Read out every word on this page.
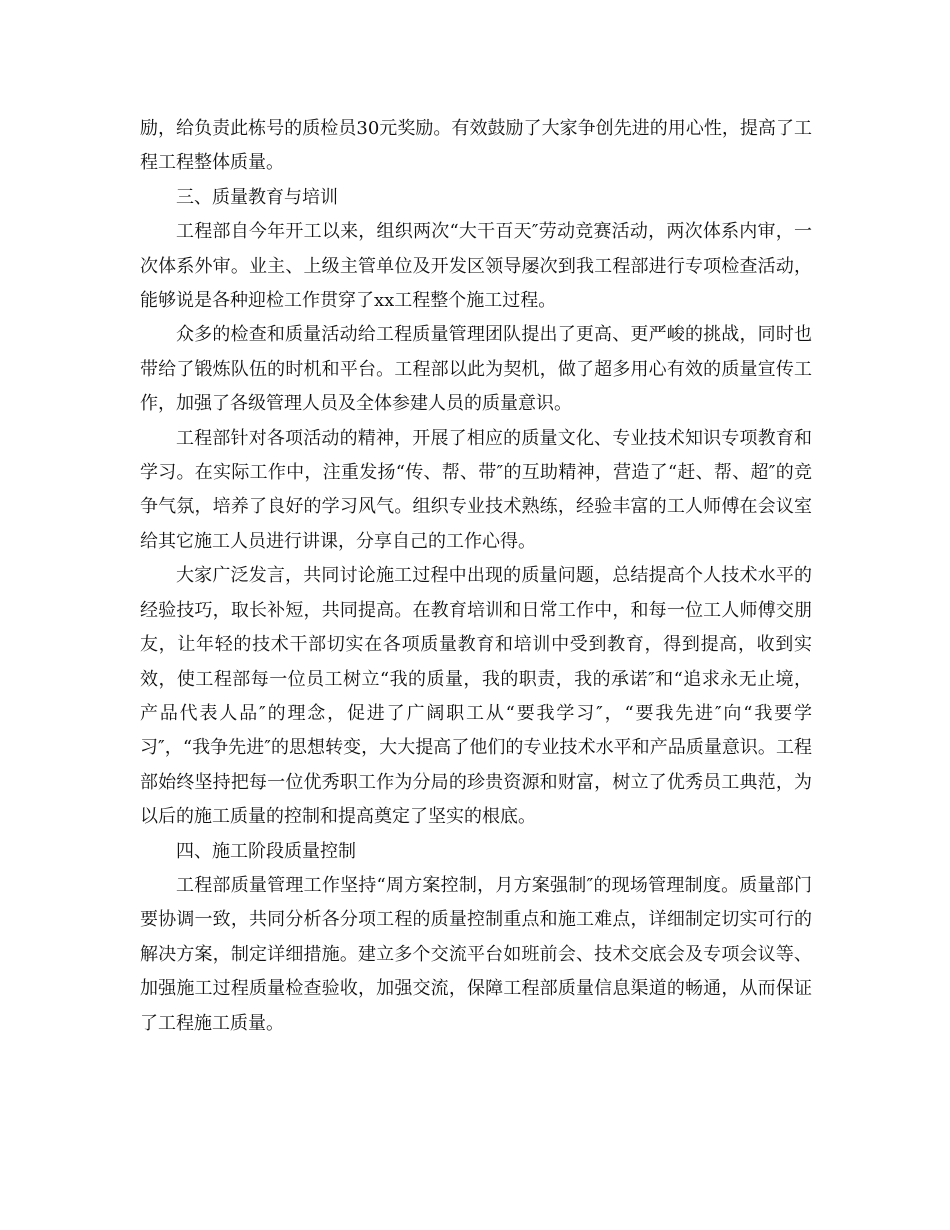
励，给负责此栋号的质检员30元奖励。有效鼓励了大家争创先进的用心性，提高了工程工程整体质量。

三、质量教育与培训

工程部自今年开工以来，组织两次“大干百天″劳动竞赛活动，两次体系内审，一次体系外审。业主、上级主管单位及开发区领导屡次到我工程部进行专项检查活动，能够说是各种迎检工作贯穿了xx工程整个施工过程。

众多的检查和质量活动给工程质量管理团队提出了更高、更严峻的挑战，同时也带给了锻炼队伍的时机和平台。工程部以此为契机，做了超多用心有效的质量宣传工作，加强了各级管理人员及全体参建人员的质量意识。

工程部针对各项活动的精神，开展了相应的质量文化、专业技术知识专项教育和学习。在实际工作中，注重发扬“传、帮、带″的互助精神，营造了“赶、帮、超″的竞争气氛，培养了良好的学习风气。组织专业技术熟练，经验丰富的工人师傅在会议室给其它施工人员进行讲课，分享自己的工作心得。

大家广泛发言，共同讨论施工过程中出现的质量问题，总结提高个人技术水平的经验技巧，取长补短，共同提高。在教育培训和日常工作中，和每一位工人师傅交朋友，让年轻的技术干部切实在各项质量教育和培训中受到教育，得到提高，收到实效，使工程部每一位员工树立“我的质量，我的职责，我的承诺″和“追求永无止境，产品代表人品″的理念，促进了广阔职工从“要我学习″，“要我先进″向“我要学习″，“我争先进″的思想转变，大大提高了他们的专业技术水平和产品质量意识。工程部始终坚持把每一位优秀职工作为分局的珍贵资源和财富，树立了优秀员工典范，为以后的施工质量的控制和提高奠定了坚实的根底。

四、施工阶段质量控制

工程部质量管理工作坚持“周方案控制，月方案强制″的现场管理制度。质量部门要协调一致，共同分析各分项工程的质量控制重点和施工难点，详细制定切实可行的解决方案，制定详细措施。建立多个交流平台如班前会、技术交底会及专项会议等、加强施工过程质量检查验收，加强交流，保障工程部质量信息渠道的畅通，从而保证了工程施工质量。
